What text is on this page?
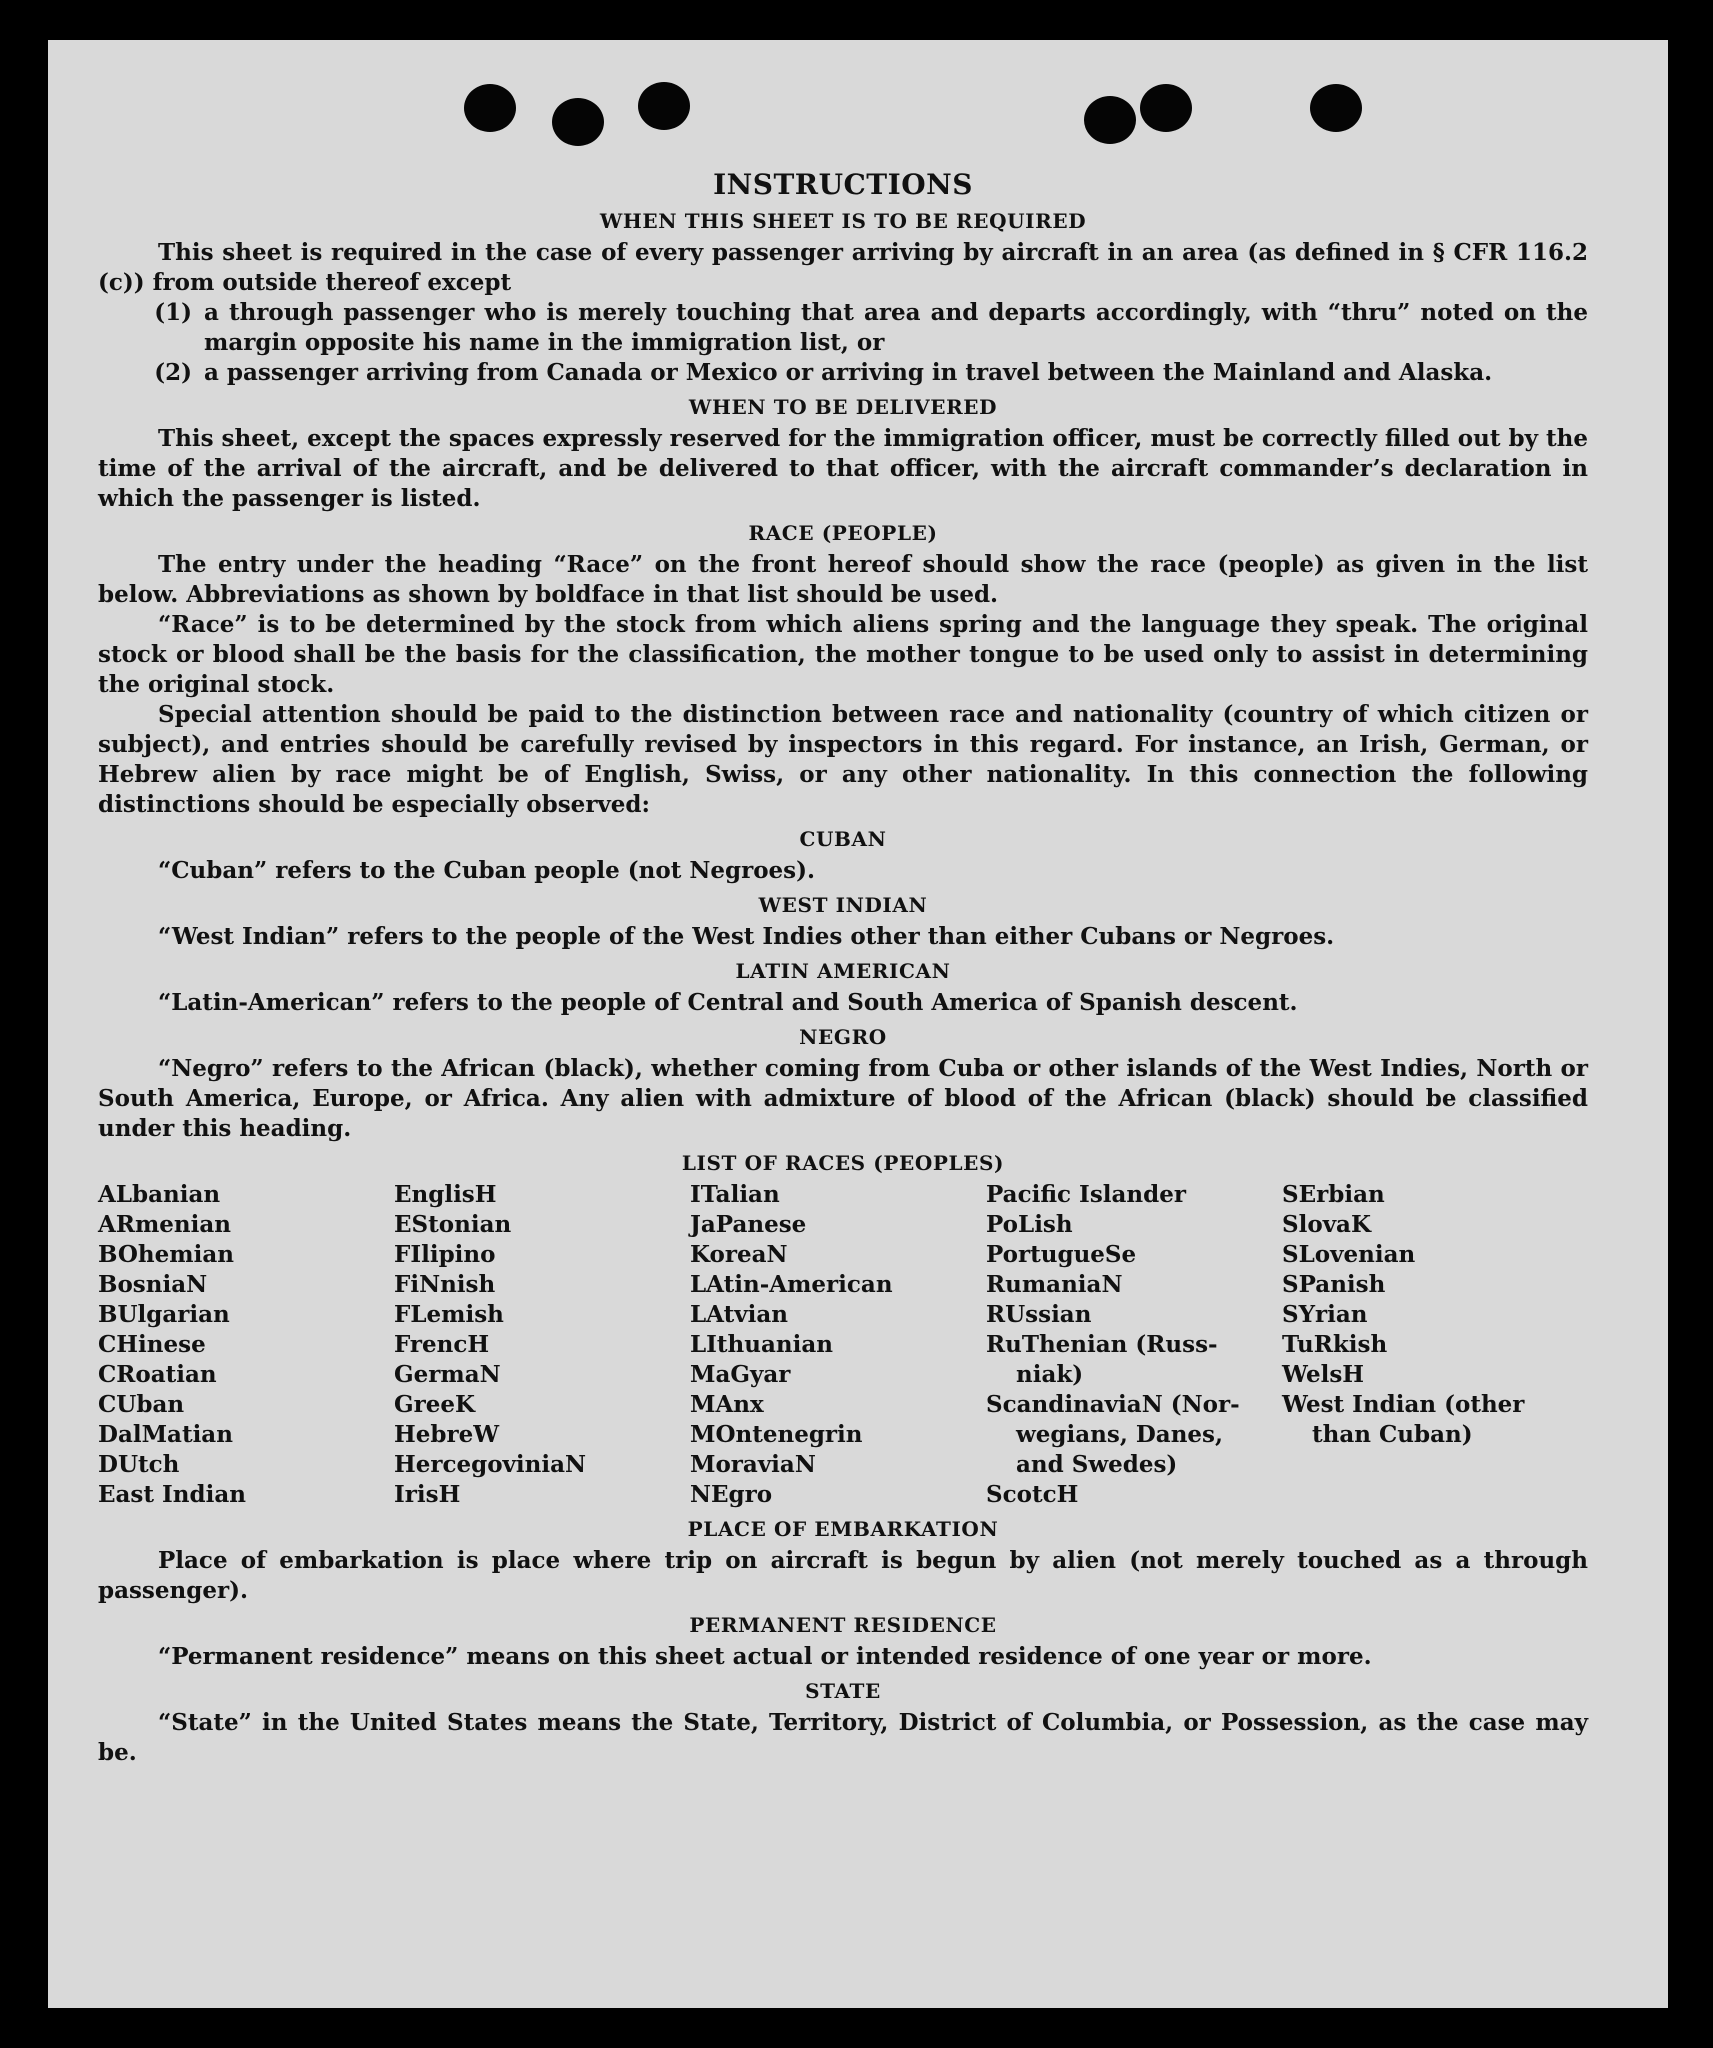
INSTRUCTIONS
WHEN THIS SHEET IS TO BE REQUIRED

This sheet is required in the case of every passenger arriving by aircraft in an area (as defined in § CFR 116.2 (c)) from outside thereof except

(1) a through passenger who is merely touching that area and departs accordingly, with “thru” noted on the margin opposite his name in the immigration list, or
(2) a passenger arriving from Canada or Mexico or arriving in travel between the Mainland and Alaska.
WHEN TO BE DELIVERED

This sheet, except the spaces expressly reserved for the immigration officer, must be correctly filled out by the time of the arrival of the aircraft, and be delivered to that officer, with the aircraft commander’s declaration in which the passenger is listed.

RACE (PEOPLE)

The entry under the heading “Race” on the front hereof should show the race (people) as given in the list below. Abbreviations as shown by boldface in that list should be used.

“Race” is to be determined by the stock from which aliens spring and the language they speak. The original stock or blood shall be the basis for the classification, the mother tongue to be used only to assist in determining the original stock.

Special attention should be paid to the distinction between race and nationality (country of which citizen or subject), and entries should be carefully revised by inspectors in this regard. For instance, an Irish, German, or Hebrew alien by race might be of English, Swiss, or any other nationality. In this connection the following distinctions should be especially observed:

CUBAN

“Cuban” refers to the Cuban people (not Negroes).

WEST INDIAN

“West Indian” refers to the people of the West Indies other than either Cubans or Negroes.

LATIN AMERICAN

“Latin-American” refers to the people of Central and South America of Spanish descent.

NEGRO

“Negro” refers to the African (black), whether coming from Cuba or other islands of the West Indies, North or South America, Europe, or Africa. Any alien with admixture of blood of the African (black) should be classified under this heading.

LIST OF RACES (PEOPLES)
ALbanian
ARmenian
BOhemian
BosniaN
BUlgarian
CHinese
CRoatian
CUban
DalMatian
DUtch
East Indian
EnglisH
EStonian
FIlipino
FiNnish
FLemish
FrencH
GermaN
GreeK
HebreW
HercegoviniaN
IrisH
ITalian
JaPanese
KoreaN
LAtin-American
LAtvian
LIthuanian
MaGyar
MAnx
MOntenegrin
MoraviaN
NEgro
Pacific Islander
PoLish
PortugueSe
RumaniaN
RUssian
RuThenian (Russ-
niak)
ScandinaviaN (Nor-
wegians, Danes,
and Swedes)
ScotcH
SErbian
SlovaK
SLovenian
SPanish
SYrian
TuRkish
WelsH
West Indian (other
than Cuban)
PLACE OF EMBARKATION

Place of embarkation is place where trip on aircraft is begun by alien (not merely touched as a through passenger).

PERMANENT RESIDENCE

“Permanent residence” means on this sheet actual or intended residence of one year or more.

STATE

“State” in the United States means the State, Territory, District of Columbia, or Possession, as the case may be.
